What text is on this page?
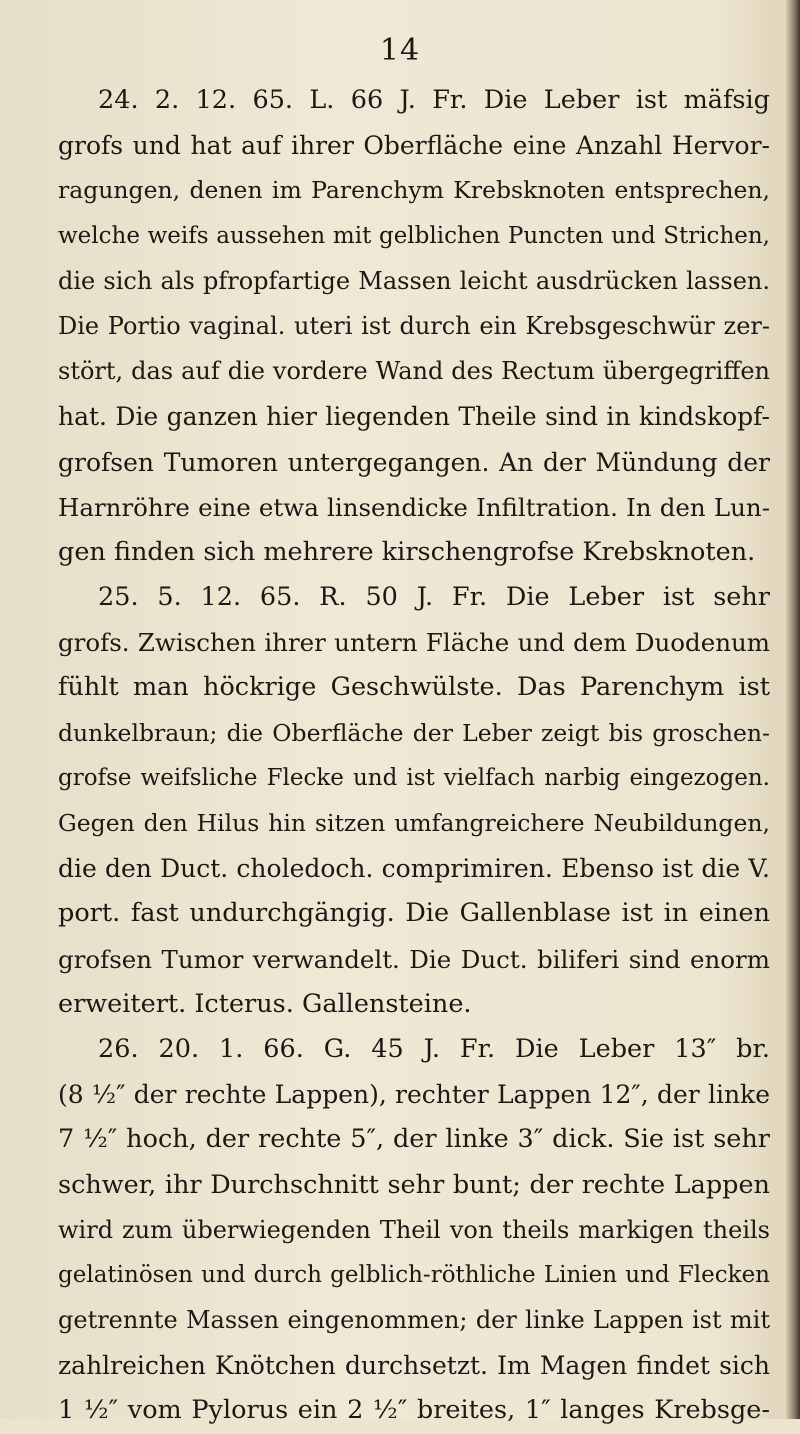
14
24. 2. 12. 65. L. 66 J. Fr. Die Leber ist mäfsig
grofs und hat auf ihrer Oberfläche eine Anzahl Hervor-
ragungen, denen im Parenchym Krebsknoten entsprechen,
welche weifs aussehen mit gelblichen Puncten und Strichen,
die sich als pfropfartige Massen leicht ausdrücken lassen.
Die Portio vaginal. uteri ist durch ein Krebsgeschwür zer-
stört, das auf die vordere Wand des Rectum übergegriffen
hat. Die ganzen hier liegenden Theile sind in kindskopf-
grofsen Tumoren untergegangen. An der Mündung der
Harnröhre eine etwa linsendicke Infiltration. In den Lun-
gen finden sich mehrere kirschengrofse Krebsknoten.
25. 5. 12. 65. R. 50 J. Fr. Die Leber ist sehr
grofs. Zwischen ihrer untern Fläche und dem Duodenum
fühlt man höckrige Geschwülste. Das Parenchym ist
dunkelbraun; die Oberfläche der Leber zeigt bis groschen-
grofse weifsliche Flecke und ist vielfach narbig eingezogen.
Gegen den Hilus hin sitzen umfangreichere Neubildungen,
die den Duct. choledoch. comprimiren. Ebenso ist die V.
port. fast undurchgängig. Die Gallenblase ist in einen
grofsen Tumor verwandelt. Die Duct. biliferi sind enorm
erweitert. Icterus. Gallensteine.
26. 20. 1. 66. G. 45 J. Fr. Die Leber 13″ br.
(8 ½″ der rechte Lappen), rechter Lappen 12″, der linke
7 ½″ hoch, der rechte 5″, der linke 3″ dick. Sie ist sehr
schwer, ihr Durchschnitt sehr bunt; der rechte Lappen
wird zum überwiegenden Theil von theils markigen theils
gelatinösen und durch gelblich-röthliche Linien und Flecken
getrennte Massen eingenommen; der linke Lappen ist mit
zahlreichen Knötchen durchsetzt. Im Magen findet sich
1 ½″ vom Pylorus ein 2 ½″ breites, 1″ langes Krebsge-
